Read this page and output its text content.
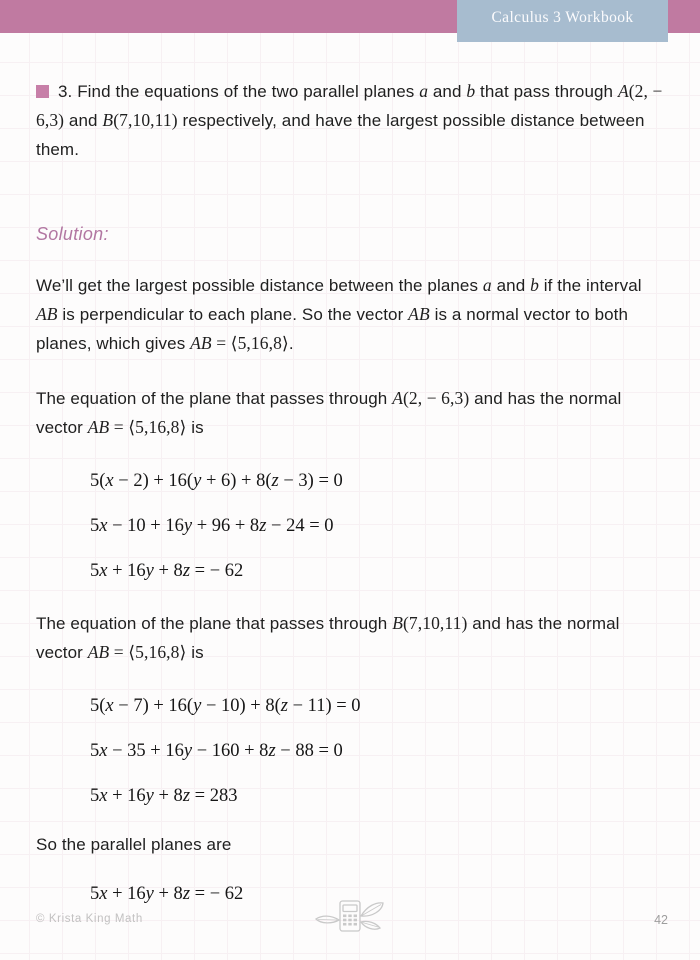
Calculus 3 Workbook
3. Find the equations of the two parallel planes a and b that pass through A(2, − 6,3) and B(7,10,11) respectively, and have the largest possible distance between them.
Solution:
We’ll get the largest possible distance between the planes a and b if the interval AB is perpendicular to each plane. So the vector AB is a normal vector to both planes, which gives AB = ⟨5,16,8⟩.
The equation of the plane that passes through A(2, − 6,3) and has the normal vector AB = ⟨5,16,8⟩ is
5(x − 2) + 16(y + 6) + 8(z − 3) = 0
5x − 10 + 16y + 96 + 8z − 24 = 0
5x + 16y + 8z = − 62
The equation of the plane that passes through B(7,10,11) and has the normal vector AB = ⟨5,16,8⟩ is
5(x − 7) + 16(y − 10) + 8(z − 11) = 0
5x − 35 + 16y − 160 + 8z − 88 = 0
5x + 16y + 8z = 283
So the parallel planes are
5x + 16y + 8z = − 62
© Krista King Math	42
